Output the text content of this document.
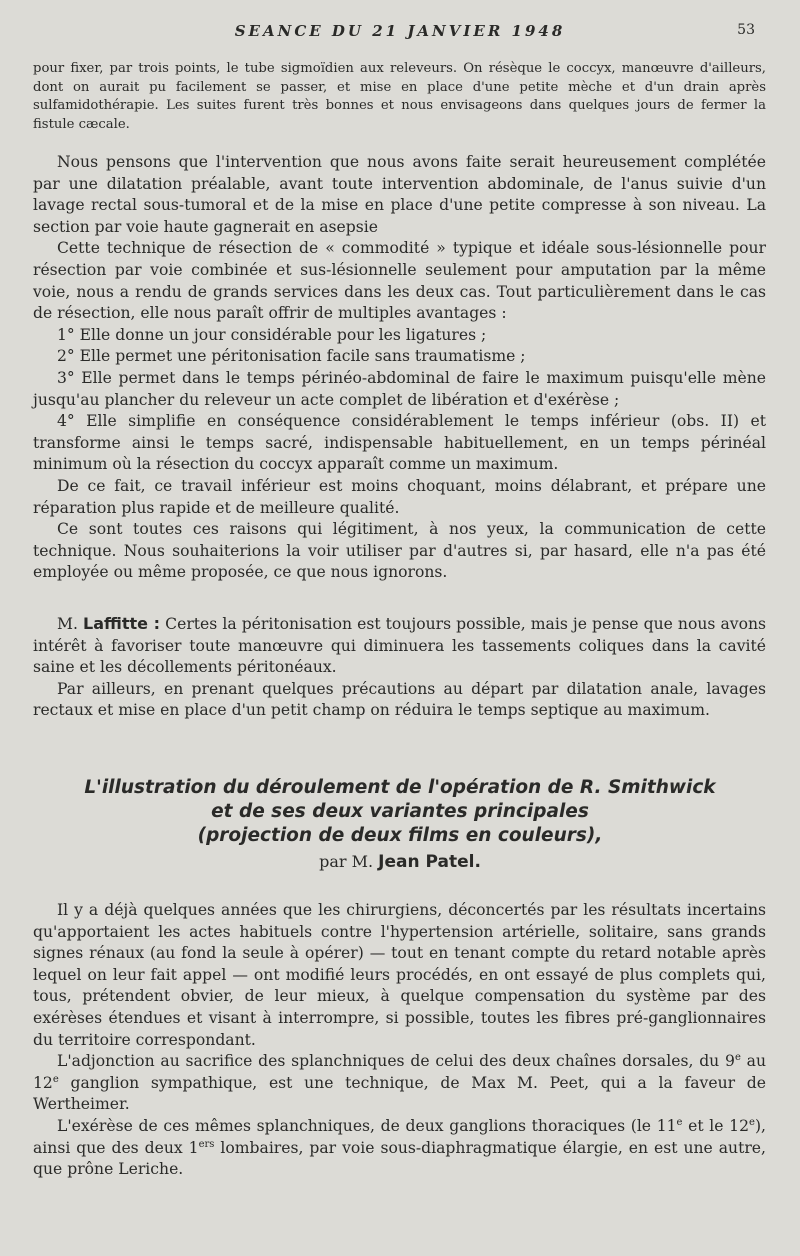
SEANCE DU 21 JANVIER 1948	53

pour fixer, par trois points, le tube sigmoïdien aux releveurs. On résèque le coccyx, manœuvre d'ailleurs, dont on aurait pu facilement se passer, et mise en place d'une petite mèche et d'un drain après sulfamidothérapie. Les suites furent très bonnes et nous envisageons dans quelques jours de fermer la fistule cæcale.

Nous pensons que l'intervention que nous avons faite serait heureusement complétée par une dilatation préalable, avant toute intervention abdominale, de l'anus suivie d'un lavage rectal sous-tumoral et de la mise en place d'une petite compresse à son niveau. La section par voie haute gagnerait en asepsie

Cette technique de résection de « commodité » typique et idéale sous-lésionnelle pour résection par voie combinée et sus-lésionnelle seulement pour amputation par la même voie, nous a rendu de grands services dans les deux cas. Tout particulièrement dans le cas de résection, elle nous paraît offrir de multiples avantages :

1° Elle donne un jour considérable pour les ligatures ;

2° Elle permet une péritonisation facile sans traumatisme ;

3° Elle permet dans le temps périnéo-abdominal de faire le maximum puisqu'elle mène jusqu'au plancher du releveur un acte complet de libération et d'exérèse ;

4° Elle simplifie en conséquence considérablement le temps inférieur (obs. II) et transforme ainsi le temps sacré, indispensable habituellement, en un temps périnéal minimum où la résection du coccyx apparaît comme un maximum.

De ce fait, ce travail inférieur est moins choquant, moins délabrant, et prépare une réparation plus rapide et de meilleure qualité.

Ce sont toutes ces raisons qui légitiment, à nos yeux, la communication de cette technique. Nous souhaiterions la voir utiliser par d'autres si, par hasard, elle n'a pas été employée ou même proposée, ce que nous ignorons.

M. Laffitte : Certes la péritonisation est toujours possible, mais je pense que nous avons intérêt à favoriser toute manœuvre qui diminuera les tassements coliques dans la cavité saine et les décollements péritonéaux.

Par ailleurs, en prenant quelques précautions au départ par dilatation anale, lavages rectaux et mise en place d'un petit champ on réduira le temps septique au maximum.

L'illustration du déroulement de l'opération de R. Smithwick
et de ses deux variantes principales
(projection de deux films en couleurs),
par M. Jean Patel.

Il y a déjà quelques années que les chirurgiens, déconcertés par les résultats incertains qu'apportaient les actes habituels contre l'hypertension artérielle, solitaire, sans grands signes rénaux (au fond la seule à opérer) — tout en tenant compte du retard notable après lequel on leur fait appel — ont modifié leurs procédés, en ont essayé de plus complets qui, tous, prétendent obvier, de leur mieux, à quelque compensation du système par des exérèses étendues et visant à interrompre, si possible, toutes les fibres pré-ganglionnaires du territoire correspondant.

L'adjonction au sacrifice des splanchniques de celui des deux chaînes dorsales, du 9e au 12e ganglion sympathique, est une technique, de Max M. Peet, qui a la faveur de Wertheimer.

L'exérèse de ces mêmes splanchniques, de deux ganglions thoraciques (le 11e et le 12e), ainsi que des deux 1ers lombaires, par voie sous-diaphragmatique élargie, en est une autre, que prône Leriche.
